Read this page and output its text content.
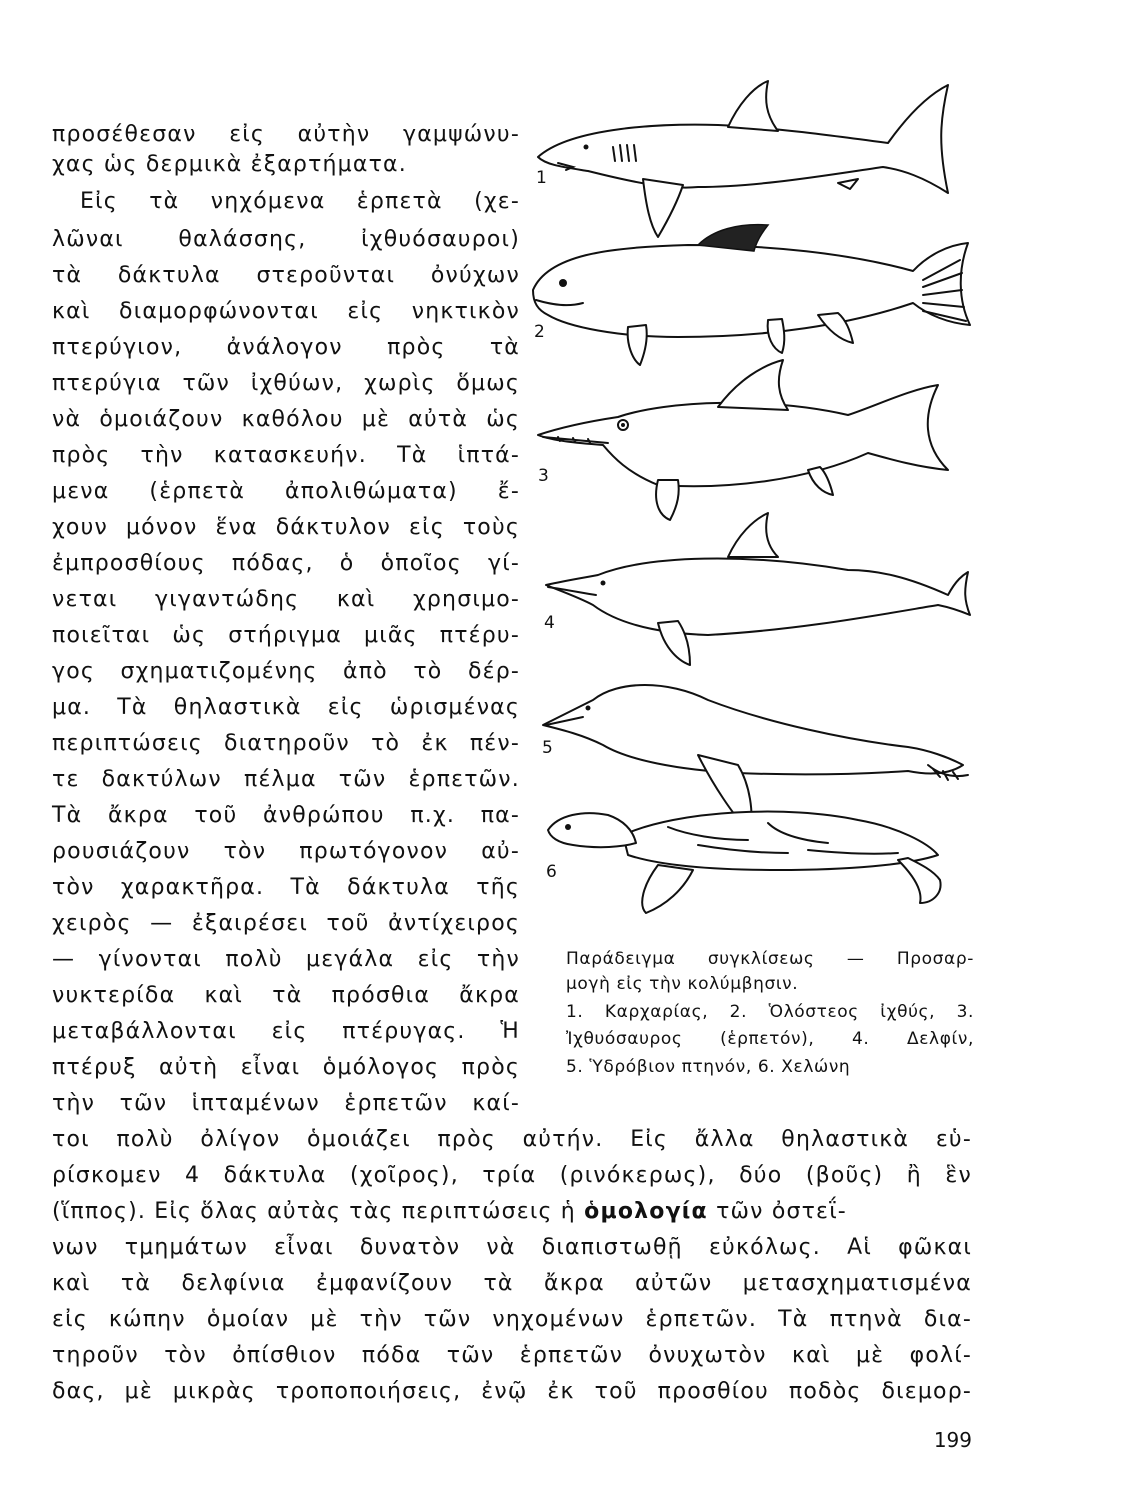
προσέθεσαν εἰς αὐτὴν γαμψώνυ-
χας ὡς δερμικὰ ἐξαρτήματα.
Εἰς τὰ νηχόμενα ἑρπετὰ (χε-
λῶναι θαλάσσης, ἰχθυόσαυροι)
τὰ δάκτυλα στεροῦνται ὀνύχων
καὶ διαμορφώνονται εἰς νηκτικὸν
πτερύγιον, ἀνάλογον πρὸς τὰ
πτερύγια τῶν ἰχθύων, χωρὶς ὅμως
νὰ ὁμοιάζουν καθόλου μὲ αὐτὰ ὡς
πρὸς τὴν κατασκευήν. Τὰ ἱπτά-
μενα (ἑρπετὰ ἀπολιθώματα) ἔ-
χουν μόνον ἕνα δάκτυλον εἰς τοὺς
ἐμπροσθίους πόδας, ὁ ὁποῖος γί-
νεται γιγαντώδης καὶ χρησιμο-
ποιεῖται ὡς στήριγμα μιᾶς πτέρυ-
γος σχηματιζομένης ἀπὸ τὸ δέρ-
μα. Τὰ θηλαστικὰ εἰς ὡρισμένας
περιπτώσεις διατηροῦν τὸ ἐκ πέν-
τε δακτύλων πέλμα τῶν ἑρπετῶν.
Τὰ ἄκρα τοῦ ἀνθρώπου π.χ. πα-
ρουσιάζουν τὸν πρωτόγονον αὐ-
τὸν χαρακτῆρα. Τὰ δάκτυλα τῆς
χειρὸς — ἐξαιρέσει τοῦ ἀντίχειρος
— γίνονται πολὺ μεγάλα εἰς τὴν
νυκτερίδα καὶ τὰ πρόσθια ἄκρα
μεταβάλλονται εἰς πτέρυγας. Ἡ
πτέρυξ αὐτὴ εἶναι ὁμόλογος πρὸς
τὴν τῶν ἱπταμένων ἑρπετῶν καί-
τοι πολὺ ὀλίγον ὁμοιάζει πρὸς αὐτήν. Εἰς ἄλλα θηλαστικὰ εὑ-
ρίσκομεν 4 δάκτυλα (χοῖρος), τρία (ρινόκερως), δύο (βοῦς) ἢ ἓν
(ἵππος). Εἰς ὅλας αὐτὰς τὰς περιπτώσεις ἡ ὁμολογία τῶν ὀστεΐ-
νων τμημάτων εἶναι δυνατὸν νὰ διαπιστωθῇ εὐκόλως. Αἱ φῶκαι
καὶ τὰ δελφίνια ἐμφανίζουν τὰ ἄκρα αὐτῶν μετασχηματισμένα
εἰς κώπην ὁμοίαν μὲ τὴν τῶν νηχομένων ἑρπετῶν. Τὰ πτηνὰ δια-
τηροῦν τὸν ὀπίσθιον πόδα τῶν ἑρπετῶν ὀνυχωτὸν καὶ μὲ φολί-
δας, μὲ μικρὰς τροποποιήσεις, ἐνῷ ἐκ τοῦ προσθίου ποδὸς διεμορ-
1
2
3
4
5
6
Παράδειγμα συγκλίσεως — Προσαρ-
μογὴ εἰς τὴν κολύμβησιν.
1. Καρχαρίας, 2. Ὁλόστεος ἰχθύς, 3.
Ἰχθυόσαυρος (ἑρπετόν), 4. Δελφίν,
5. Ὑδρόβιον πτηνόν, 6. Χελώνη
199
